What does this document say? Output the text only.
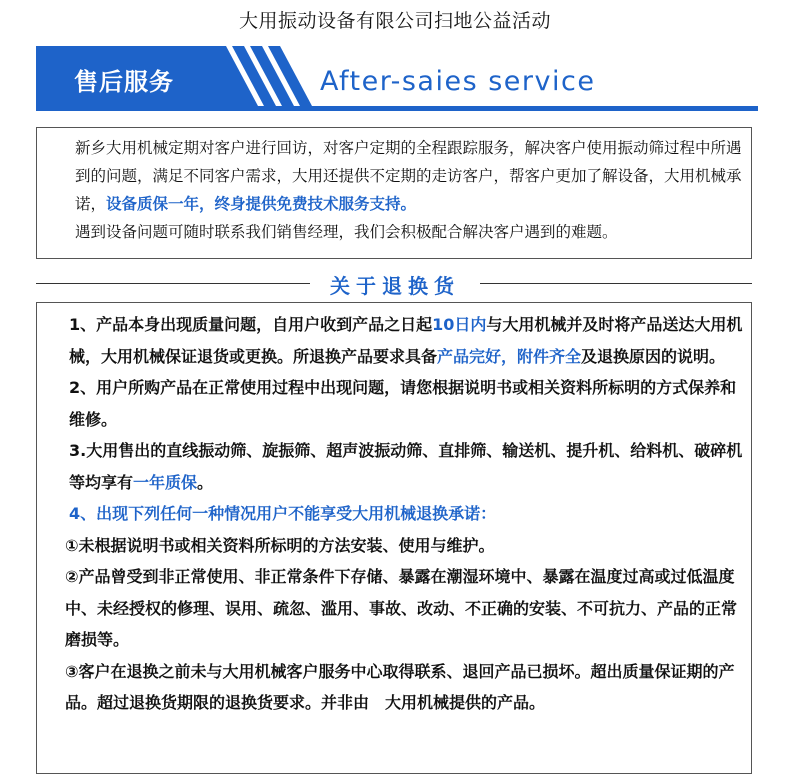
大用振动设备有限公司扫地公益活动
售后服务	After-saies service
新乡大用机械定期对客户进行回访，对客户定期的全程跟踪服务，解决客户使用振动筛过程中所遇到的问题，满足不同客户需求，大用还提供不定期的走访客户，帮客户更加了解设备，大用机械承诺，设备质保一年，终身提供免费技术服务支持。
遇到设备问题可随时联系我们销售经理，我们会积极配合解决客户遇到的难题。
关于退换货

1、产品本身出现质量问题，自用户收到产品之日起10日内与大用机械并及时将产品送达大用机械，大用机械保证退货或更换。所退换产品要求具备产品完好，附件齐全及退换原因的说明。

2、用户所购产品在正常使用过程中出现问题，请您根据说明书或相关资料所标明的方式保养和维修。

3.大用售出的直线振动筛、旋振筛、超声波振动筛、直排筛、输送机、提升机、给料机、破碎机等均享有一年质保。

4、出现下列任何一种情况用户不能享受大用机械退换承诺：

①未根据说明书或相关资料所标明的方法安装、使用与维护。

②产品曾受到非正常使用、非正常条件下存储、暴露在潮湿环境中、暴露在温度过高或过低温度中、未经授权的修理、误用、疏忽、滥用、事故、改动、不正确的安装、不可抗力、产品的正常磨损等。

③客户在退换之前未与大用机械客户服务中心取得联系、退回产品已损坏。超出质量保证期的产品。超过退换货期限的退换货要求。并非由　大用机械提供的产品。
